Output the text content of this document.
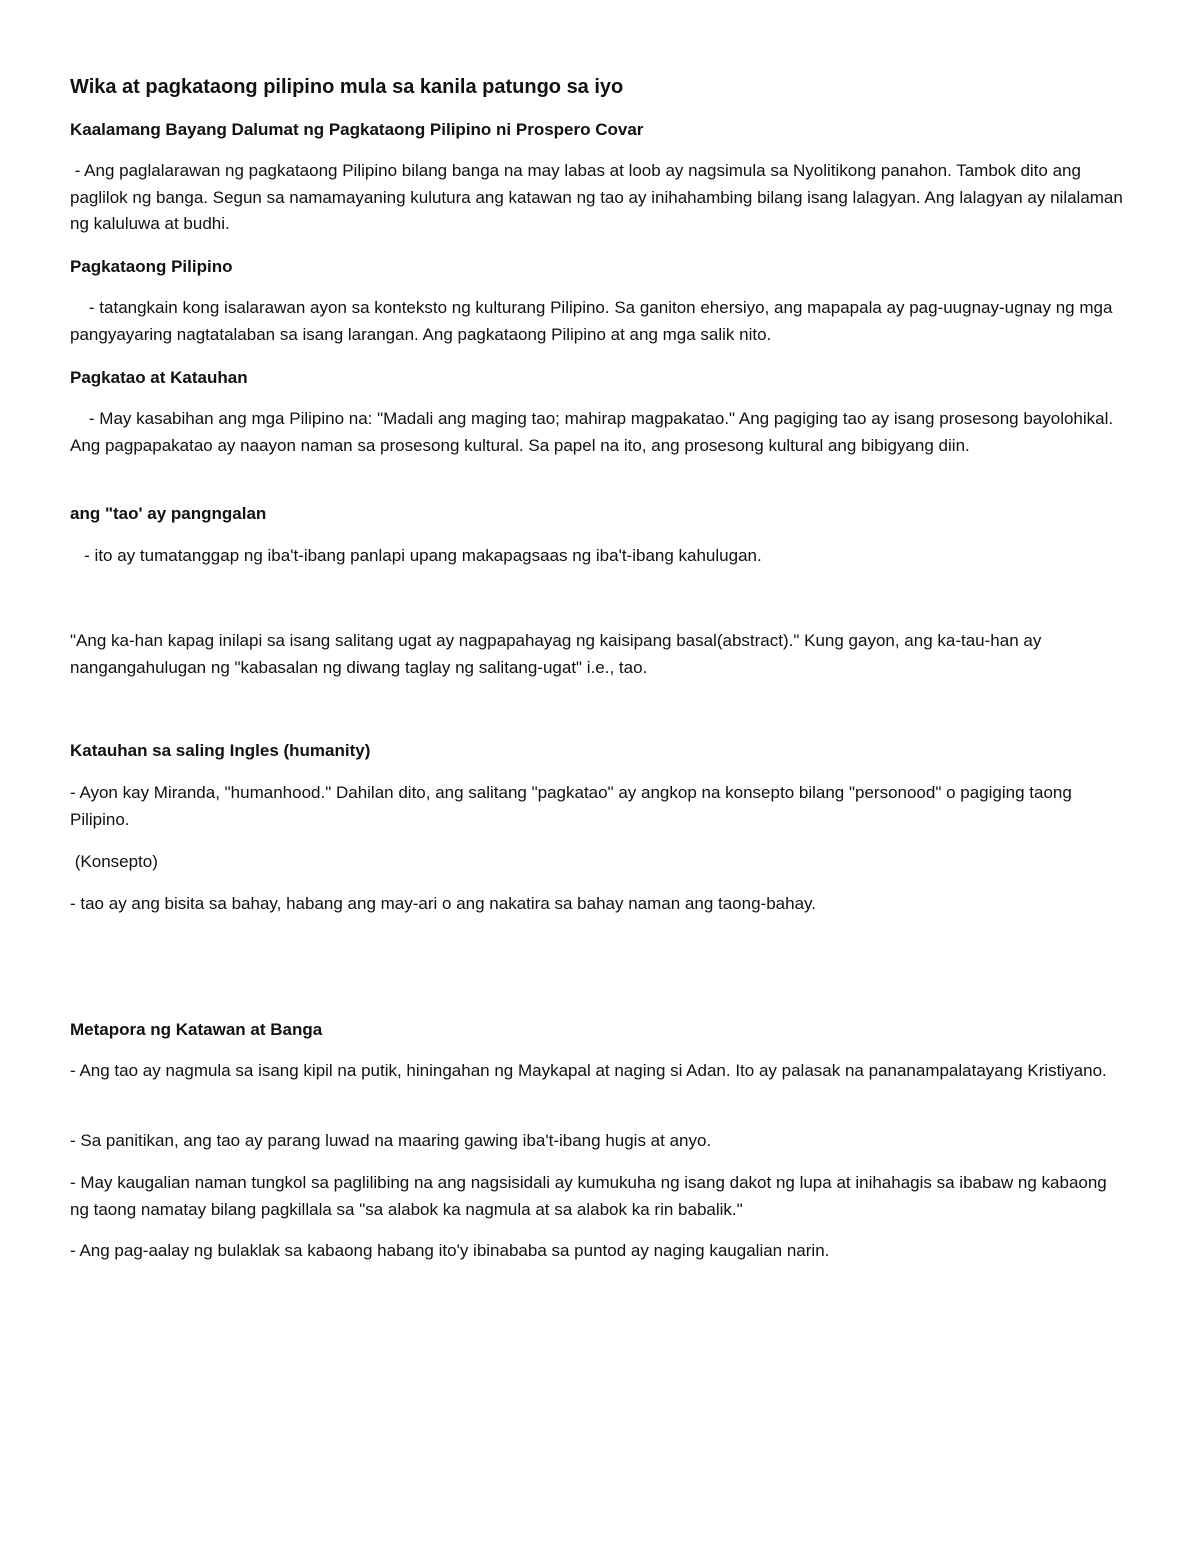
Wika at pagkataong pilipino mula sa kanila patungo sa iyo
Kaalamang Bayang Dalumat ng Pagkataong Pilipino ni Prospero Covar

- Ang paglalarawan ng pagkataong Pilipino bilang banga na may labas at loob ay nagsimula sa Nyolitikong panahon. Tambok dito ang paglilok ng banga. Segun sa namamayaning kulutura ang katawan ng tao ay inihahambing bilang isang lalagyan. Ang lalagyan ay nilalaman ng kaluluwa at budhi.

Pagkataong Pilipino

- tatangkain kong isalarawan ayon sa konteksto ng kulturang Pilipino. Sa ganiton ehersiyo, ang mapapala ay pag-uugnay-ugnay ng mga pangyayaring nagtatalaban sa isang larangan. Ang pagkataong Pilipino at ang mga salik nito.

Pagkatao at Katauhan

- May kasabihan ang mga Pilipino na: "Madali ang maging tao; mahirap magpakatao." Ang pagiging tao ay isang prosesong bayolohikal. Ang pagpapakatao ay naayon naman sa prosesong kultural. Sa papel na ito, ang prosesong kultural ang bibigyang diin.

ang "tao' ay pangngalan

- ito ay tumatanggap ng iba't-ibang panlapi upang makapagsaas ng iba't-ibang kahulugan.

"Ang ka-han kapag inilapi sa isang salitang ugat ay nagpapahayag ng kaisipang basal(abstract)." Kung gayon, ang ka-tau-han ay nangangahulugan ng "kabasalan ng diwang taglay ng salitang-ugat" i.e., tao.

Katauhan sa saling Ingles (humanity)

- Ayon kay Miranda, "humanhood." Dahilan dito, ang salitang "pagkatao" ay angkop na konsepto bilang "personood" o pagiging taong Pilipino.

(Konsepto)

- tao ay ang bisita sa bahay, habang ang may-ari o ang nakatira sa bahay naman ang taong-bahay.

Metapora ng Katawan at Banga

- Ang tao ay nagmula sa isang kipil na putik, hiningahan ng Maykapal at naging si Adan. Ito ay palasak na pananampalatayang Kristiyano.

- Sa panitikan, ang tao ay parang luwad na maaring gawing iba't-ibang hugis at anyo.

- May kaugalian naman tungkol sa paglilibing na ang nagsisidali ay kumukuha ng isang dakot ng lupa at inihahagis sa ibabaw ng kabaong ng taong namatay bilang pagkillala sa "sa alabok ka nagmula at sa alabok ka rin babalik."

- Ang pag-aalay ng bulaklak sa kabaong habang ito'y ibinababa sa puntod ay naging kaugalian narin.
